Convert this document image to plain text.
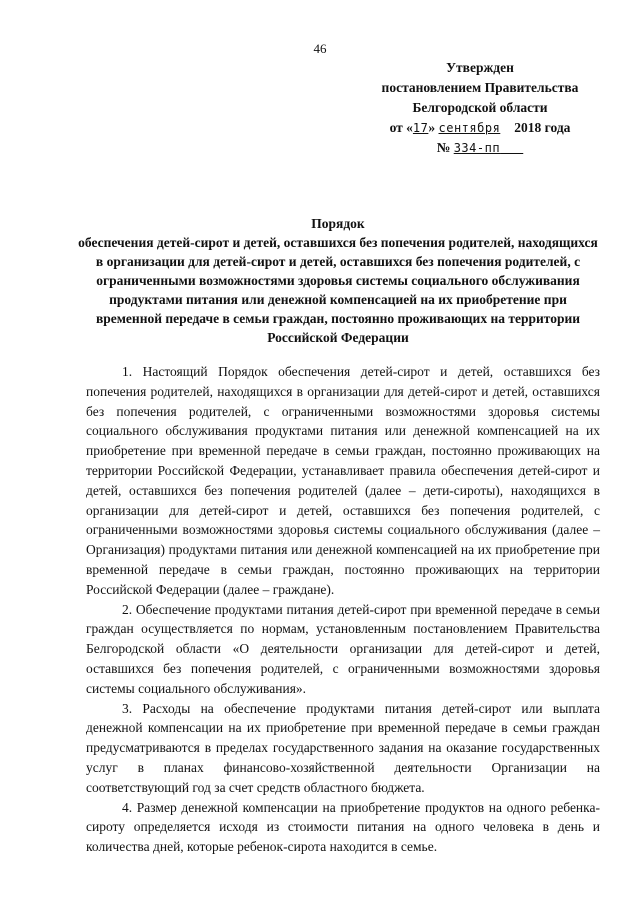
46
Утвержден
постановлением Правительства
Белгородской области
от «17» сентября 2018 года
№ 334-пп
Порядок
обеспечения детей-сирот и детей, оставшихся без попечения родителей, находящихся в организации для детей-сирот и детей, оставшихся без попечения родителей, с ограниченными возможностями здоровья системы социального обслуживания продуктами питания или денежной компенсацией на их приобретение при временной передаче в семьи граждан, постоянно проживающих на территории Российской Федерации

1. Настоящий Порядок обеспечения детей-сирот и детей, оставшихся без попечения родителей, находящихся в организации для детей-сирот и детей, оставшихся без попечения родителей, с ограниченными возможностями здоровья системы социального обслуживания продуктами питания или денежной компенсацией на их приобретение при временной передаче в семьи граждан, постоянно проживающих на территории Российской Федерации, устанавливает правила обеспечения детей-сирот и детей, оставшихся без попечения родителей (далее – дети-сироты), находящихся в организации для детей-сирот и детей, оставшихся без попечения родителей, с ограниченными возможностями здоровья системы социального обслуживания (далее – Организация) продуктами питания или денежной компенсацией на их приобретение при временной передаче в семьи граждан, постоянно проживающих на территории Российской Федерации (далее – граждане).

2. Обеспечение продуктами питания детей-сирот при временной передаче в семьи граждан осуществляется по нормам, установленным постановлением Правительства Белгородской области «О деятельности организации для детей-сирот и детей, оставшихся без попечения родителей, с ограниченными возможностями здоровья системы социального обслуживания».

3. Расходы на обеспечение продуктами питания детей-сирот или выплата денежной компенсации на их приобретение при временной передаче в семьи граждан предусматриваются в пределах государственного задания на оказание государственных услуг в планах финансово-хозяйственной деятельности Организации на соответствующий год за счет средств областного бюджета.

4. Размер денежной компенсации на приобретение продуктов на одного ребенка-сироту определяется исходя из стоимости питания на одного человека в день и количества дней, которые ребенок-сирота находится в семье.
